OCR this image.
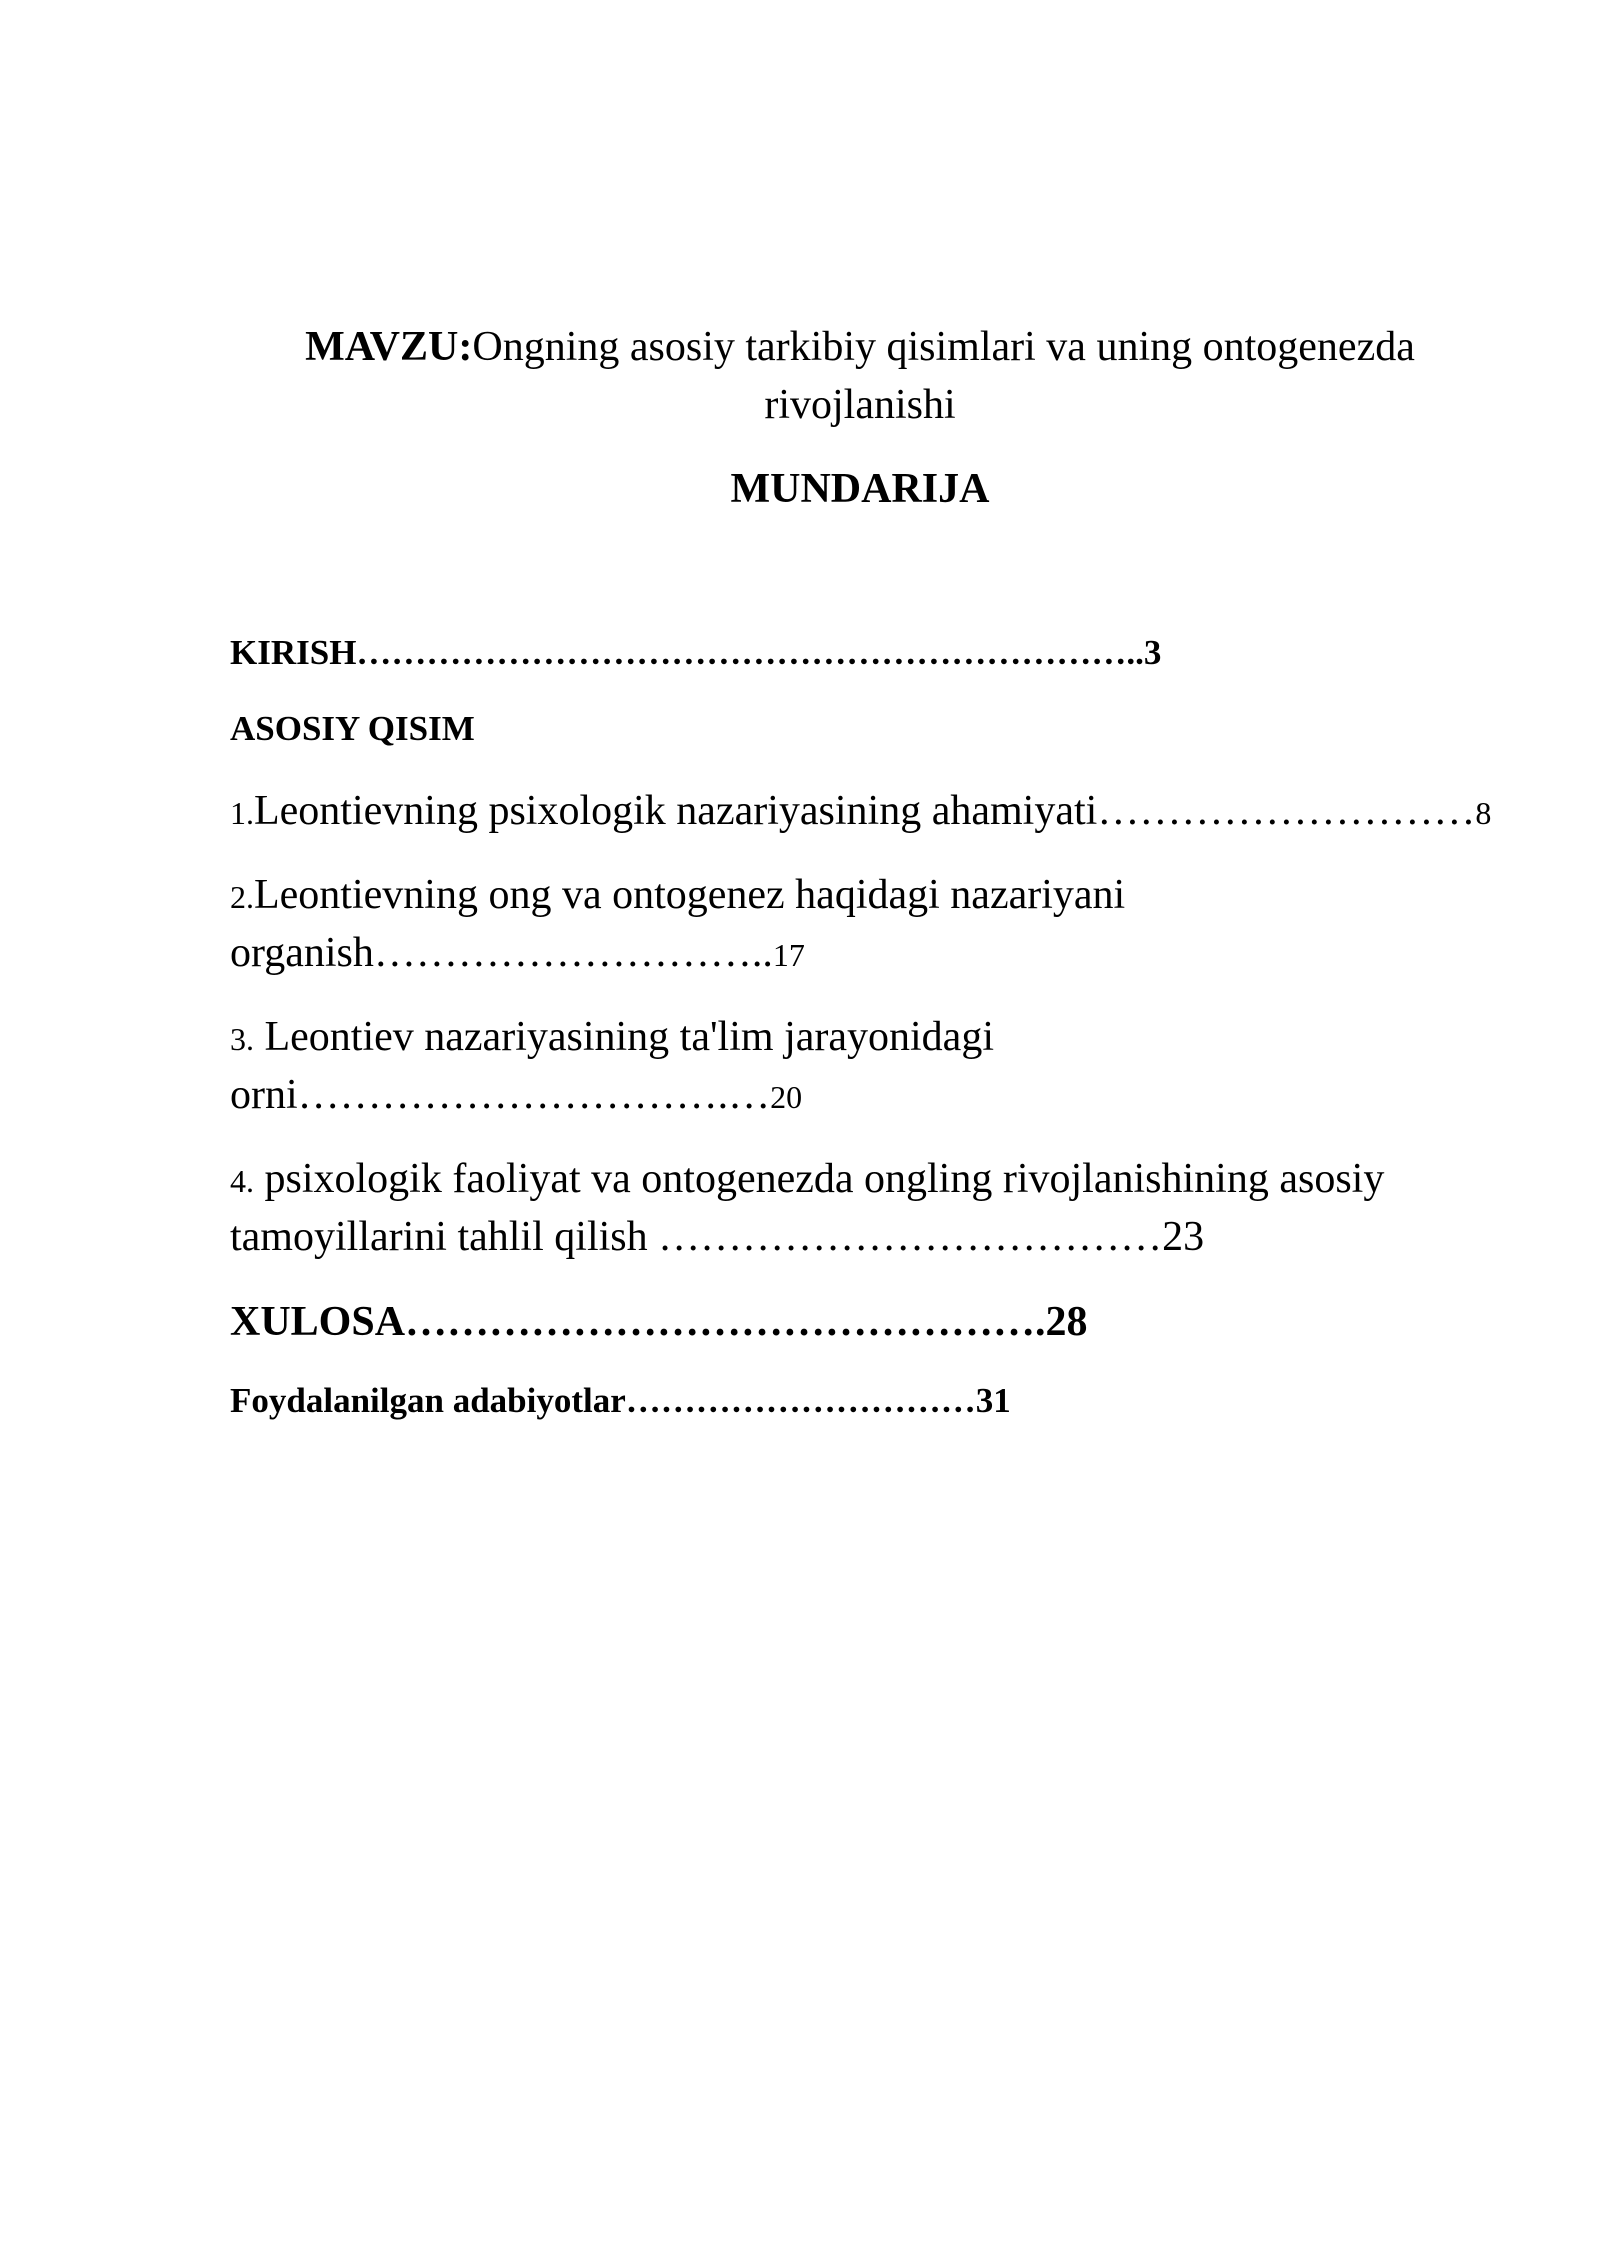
MAVZU:Ongning asosiy tarkibiy qisimlari va uning ontogenezda
rivojlanishi
MUNDARIJA
KIRISH…………………………………………………………..3
ASOSIY QISIM
1.Leontievning psixologik nazariyasining ahamiyati………………………8
2.Leontievning ong va ontogenez haqidagi nazariyani
organish………………………..17
3. Leontiev nazariyasining ta'lim jarayonidagi
orni………………………….…20
4. psixologik faoliyat va ontogenezda ongling rivojlanishining asosiy
tamoyillarini tahlil qilish ………………………………23
XULOSA……………………………………….28
Foydalanilgan adabiyotlar…………………………31
